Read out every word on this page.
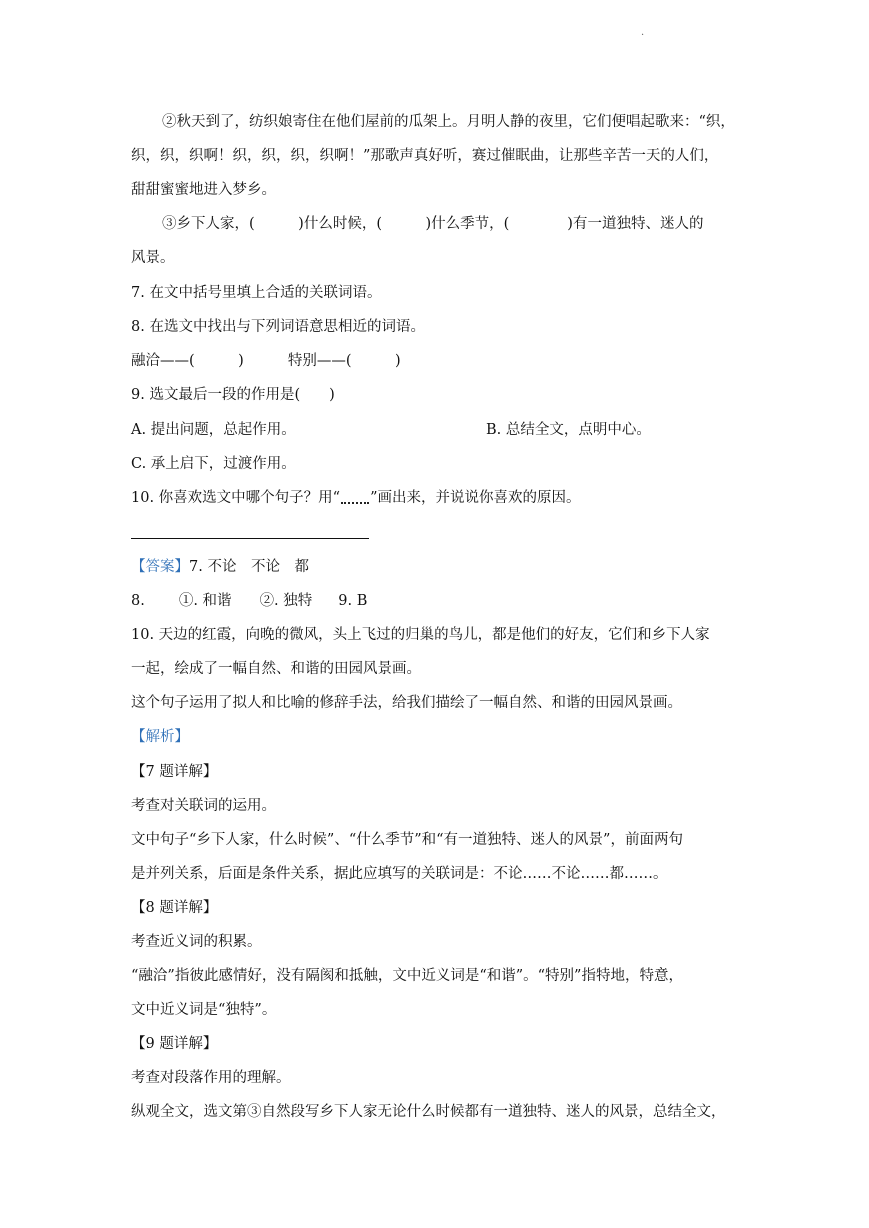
·
②秋天到了，纺织娘寄住在他们屋前的瓜架上。月明人静的夜里，它们便唱起歌来：“织，
织，织，织啊！织，织，织，织啊！”那歌声真好听，赛过催眠曲，让那些辛苦一天的人们，
甜甜蜜蜜地进入梦乡。
③乡下人家，(　　　)什么时候，(　　　)什么季节，(　　　　)有一道独特、迷人的
风景。
7. 在文中括号里填上合适的关联词语。
8. 在选文中找出与下列词语意思相近的词语。
融洽——(　　　)	特别——(　　　)
9. 选文最后一段的作用是(　　)
A. 提出问题，总起作用。	B. 总结全文，点明中心。
C. 承上启下，过渡作用。
10. 你喜欢选文中哪个句子？用“ ”画出来，并说说你喜欢的原因。
【答案】7. 不论　不论　都
8. ①. 和谐 ②. 独特 9. B
10. 天边的红霞，向晚的微风，头上飞过的归巢的鸟儿，都是他们的好友，它们和乡下人家
一起，绘成了一幅自然、和谐的田园风景画。
这个句子运用了拟人和比喻的修辞手法，给我们描绘了一幅自然、和谐的田园风景画。
【解析】
【7 题详解】
考查对关联词的运用。
文中句子“乡下人家，什么时候”、“什么季节”和“有一道独特、迷人的风景”，前面两句
是并列关系，后面是条件关系，据此应填写的关联词是：不论……不论……都……。
【8 题详解】
考查近义词的积累。
“融洽”指彼此感情好，没有隔阂和抵触，文中近义词是“和谐”。“特别”指特地，特意，
文中近义词是“独特”。
【9 题详解】
考查对段落作用的理解。
纵观全文，选文第③自然段写乡下人家无论什么时候都有一道独特、迷人的风景，总结全文，
